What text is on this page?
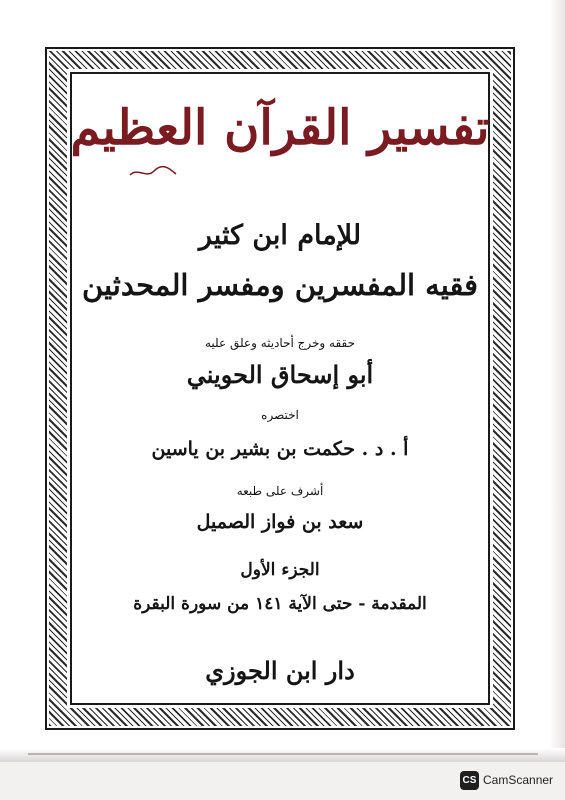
تفسير القرآن العظيم
للإمام ابن كثير
فقيه المفسرين ومفسر المحدثين
حققه وخرج أحاديثه وعلق عليه
أبو إسحاق الحويني
اختصره
أ . د . حكمت بن بشير بن ياسين
أشرف على طبعه
سعد بن فواز الصميل
الجزء الأول
المقدمة - حتى الآية ١٤١ من سورة البقرة
دار ابن الجوزي
CS CamScanner
